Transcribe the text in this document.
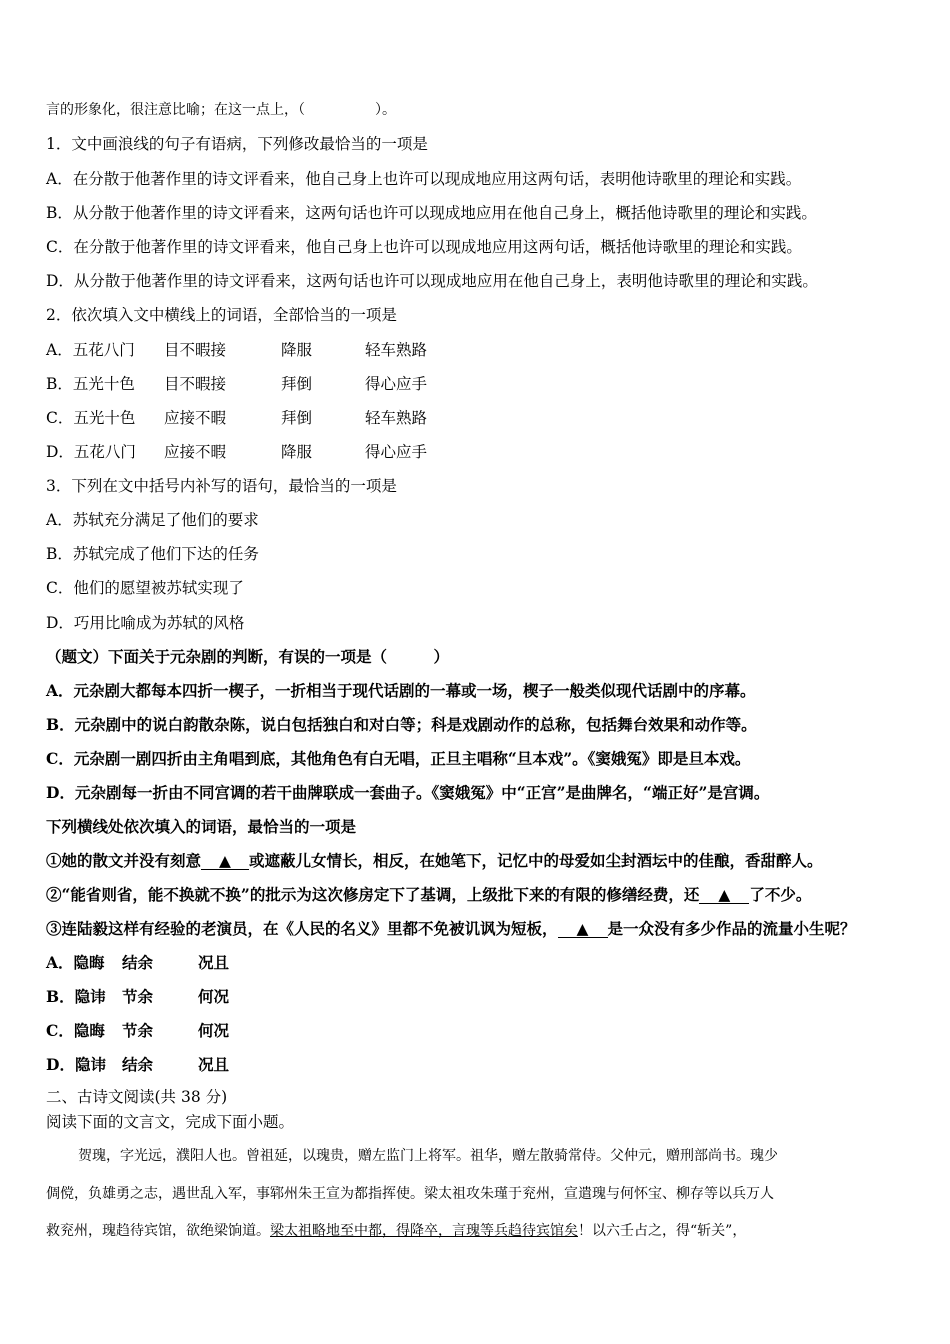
言的形象化，很注意比喻；在这一点上，（　　　　　）。
1．文中画浪线的句子有语病，下列修改最恰当的一项是
A．在分散于他著作里的诗文评看来，他自己身上也许可以现成地应用这两句话，表明他诗歌里的理论和实践。
B．从分散于他著作里的诗文评看来，这两句话也许可以现成地应用在他自己身上，概括他诗歌里的理论和实践。
C．在分散于他著作里的诗文评看来，他自己身上也许可以现成地应用这两句话，概括他诗歌里的理论和实践。
D．从分散于他著作里的诗文评看来，这两句话也许可以现成地应用在他自己身上，表明他诗歌里的理论和实践。
2．依次填入文中横线上的词语，全部恰当的一项是
A．五花八门 目不暇接	降服	轻车熟路
B．五光十色 目不暇接	拜倒	得心应手
C．五光十色 应接不暇	拜倒	轻车熟路
D．五花八门 应接不暇	降服	得心应手
3．下列在文中括号内补写的语句，最恰当的一项是
A．苏轼充分满足了他们的要求
B．苏轼完成了他们下达的任务
C．他们的愿望被苏轼实现了
D．巧用比喻成为苏轼的风格
（题文）下面关于元杂剧的判断，有误的一项是（　　　）
A．元杂剧大都每本四折一楔子，一折相当于现代话剧的一幕或一场，楔子一般类似现代话剧中的序幕。
B．元杂剧中的说白韵散杂陈，说白包括独白和对白等；科是戏剧动作的总称，包括舞台效果和动作等。
C．元杂剧一剧四折由主角唱到底，其他角色有白无唱，正旦主唱称“旦本戏”。《窦娥冤》即是旦本戏。
D．元杂剧每一折由不同宫调的若干曲牌联成一套曲子。《窦娥冤》中“正宫”是曲牌名，“端正好”是宫调。
下列横线处依次填入的词语，最恰当的一项是
①她的散文并没有刻意 ▲ 或遮蔽儿女情长，相反，在她笔下，记忆中的母爱如尘封酒坛中的佳酿，香甜醉人。
②“能省则省，能不换就不换”的批示为这次修房定下了基调，上级批下来的有限的修缮经费，还 ▲ 了不少。
③连陆毅这样有经验的老演员，在《人民的名义》里都不免被讥讽为短板， ▲ 是一众没有多少作品的流量小生呢？
A．隐晦 结余	况且
B．隐讳 节余	何况
C．隐晦 节余	何况
D．隐讳 结余	况且
二、古诗文阅读(共 38 分)
阅读下面的文言文，完成下面小题。
贺瑰，字光远，濮阳人也。曾祖延，以瑰贵，赠左监门上将军。祖华，赠左散骑常侍。父仲元，赠刑部尚书。瑰少
倜傥，负雄勇之志，遇世乱入军，事郓州朱王宣为都指挥使。梁太祖攻朱瑾于兖州，宣遣瑰与何怀宝、柳存等以兵万人
救兖州，瑰趋待宾馆，欲绝梁饷道。梁太祖略地至中都，得降卒，言瑰等兵趋待宾馆矣！以六壬占之，得“斩关”，
